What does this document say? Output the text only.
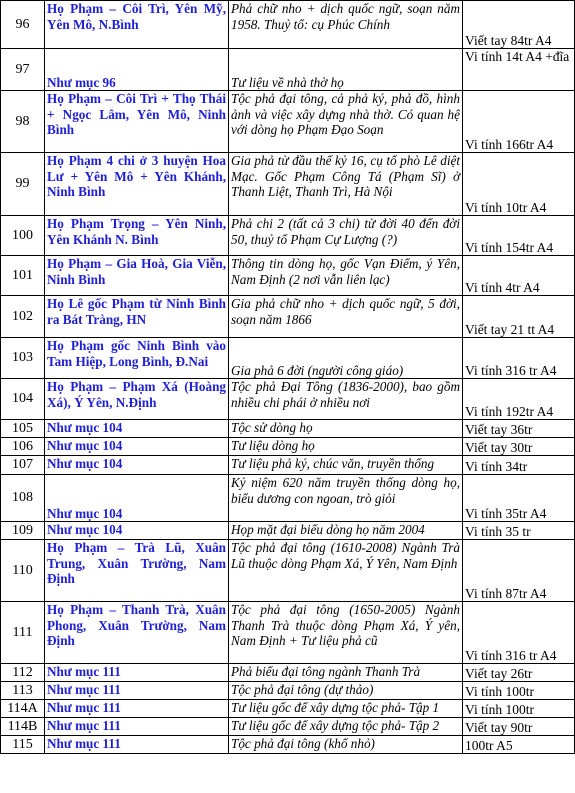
96	Họ Phạm – Côi Trì, Yên Mỹ, Yên Mô, N.Bình	Phả chữ nho + dịch quốc ngữ, soạn năm 1958. Thuỷ tổ: cụ Phúc Chính	Viết tay 84tr A4
97	Như mục 96	Tư liệu về nhà thờ họ	Vi tính 14t A4 +đĩa
98	Họ Phạm – Côi Trì + Thọ Thái + Ngọc Lâm, Yên Mô, Ninh Bình	Tộc phả đại tông, cả phả ký, phả đồ, hình ảnh và việc xây dựng nhà thờ. Có quan hệ với dòng họ Phạm Đạo Soạn	Vi tính 166tr A4
99	Họ Phạm 4 chi ở 3 huyện Hoa Lư + Yên Mô + Yên Khánh, Ninh Bình	Gia phả từ đầu thế kỷ 16, cụ tổ phò Lê diệt Mạc. Gốc Phạm Công Tá (Phạm Sĩ) ở Thanh Liệt, Thanh Trì, Hà Nội	Vi tính 10tr A4
100	Họ Phạm Trọng – Yên Ninh, Yên Khánh N. Bình	Phả chi 2 (tất cả 3 chi) từ đời 40 đến đời 50, thuỷ tổ Phạm Cự Lượng (?)	Vi tính 154tr A4
101	Họ Phạm – Gia Hoà, Gia Viễn, Ninh Bình	Thông tin dòng họ, gốc Vạn Điểm, ý Yên, Nam Định (2 nơi vẫn liên lạc)	Vi tính 4tr A4
102	Họ Lê gốc Phạm từ Ninh Bình ra Bát Tràng, HN	Gia phả chữ nho + dịch quốc ngữ, 5 đời, soạn năm 1866	Viết tay 21 tt A4
103	Họ Phạm gốc Ninh Bình vào Tam Hiệp, Long Bình, Đ.Nai	Gia phả 6 đời (người công giáo)	Vi tính 316 tr A4
104	Họ Phạm – Phạm Xá (Hoàng Xá), Ý Yên, N.Định	Tộc phả Đại Tông (1836-2000), bao gồm nhiều chi phái ở nhiều nơi	Vi tính 192tr A4
105	Như mục 104	Tộc sử dòng họ	Viết tay 36tr
106	Như mục 104	Tư liệu dòng họ	Viết tay 30tr
107	Như mục 104	Tư liệu phả ký, chúc văn, truyền thống	Vi tính 34tr
108	Như mục 104	Kỷ niệm 620 năm truyền thống dòng họ, biểu dương con ngoan, trò giỏi	Vi tính 35tr A4
109	Như mục 104	Họp mặt đại biểu dòng họ năm 2004	Vi tính 35 tr
110	Họ Phạm – Trà Lũ, Xuân Trung, Xuân Trường, Nam Định	Tộc phả đại tông (1610-2008) Ngành Trà Lũ thuộc dòng Phạm Xá, Ý Yên, Nam Định	Vi tính 87tr A4
111	Họ Phạm – Thanh Trà, Xuân Phong, Xuân Trường, Nam Định	Tộc phả đại tông (1650-2005) Ngành Thanh Trà thuộc dòng Phạm Xá, Ý yên, Nam Định + Tư liệu phả cũ	Vi tính 316 tr A4
112	Như mục 111	Phả biểu đại tông ngành Thanh Trà	Viết tay 26tr
113	Như mục 111	Tộc phả đại tông (dự thảo)	Vi tính 100tr
114A	Như mục 111	Tư liệu gốc để xây dựng tộc phả- Tập 1	Vi tính 100tr
114B	Như mục 111	Tư liệu gốc để xây dựng tộc phả- Tập 2	Viết tay 90tr
115	Như mục 111	Tộc phả đại tông (khổ nhỏ)	100tr A5
